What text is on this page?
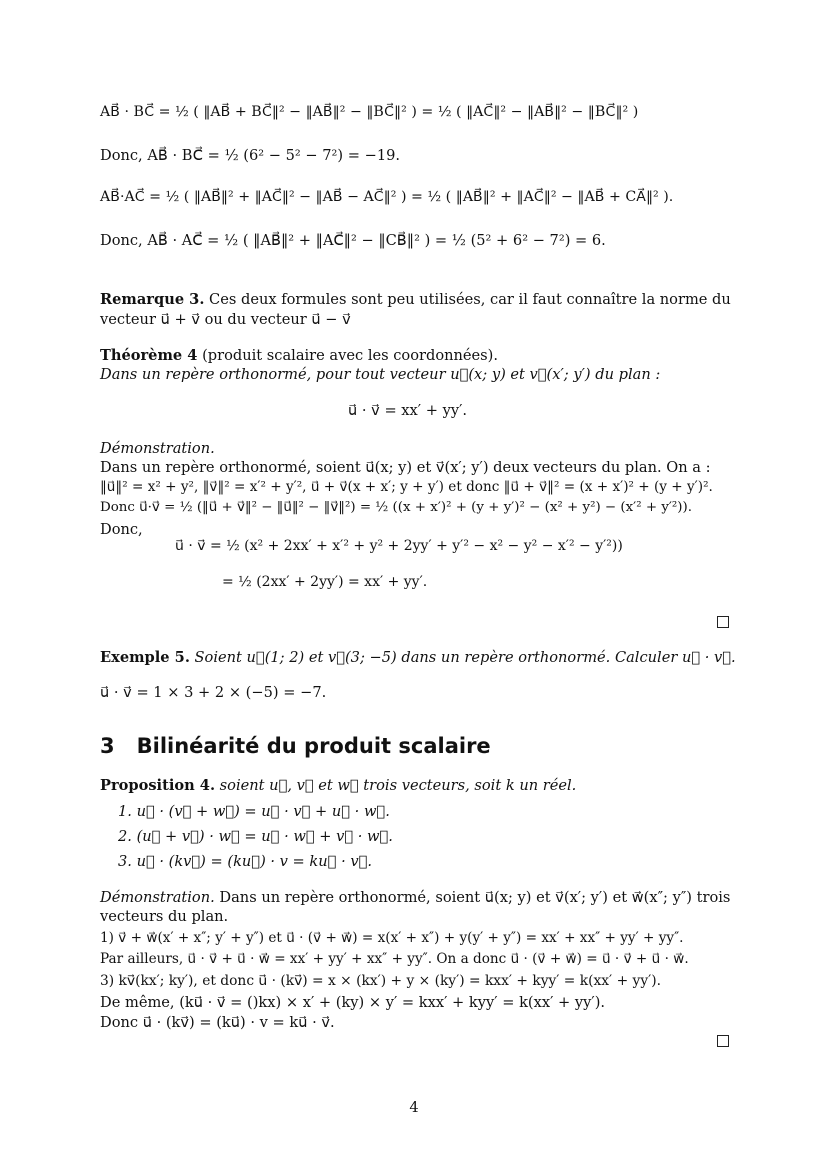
AB⃗ · BC⃗ = ½ ( ‖AB⃗ + BC⃗‖² − ‖AB⃗‖² − ‖BC⃗‖² ) = ½ ( ‖AC⃗‖² − ‖AB⃗‖² − ‖BC⃗‖² )
Donc, AB⃗ · BC⃗ = ½ (6² − 5² − 7²) = −19.
AB⃗·AC⃗ = ½ ( ‖AB⃗‖² + ‖AC⃗‖² − ‖AB⃗ − AC⃗‖² ) = ½ ( ‖AB⃗‖² + ‖AC⃗‖² − ‖AB⃗ + CA⃗‖² ).
Donc, AB⃗ · AC⃗ = ½ ( ‖AB⃗‖² + ‖AC⃗‖² − ‖CB⃗‖² ) = ½ (5² + 6² − 7²) = 6.
Remarque 3. Ces deux formules sont peu utilisées, car il faut connaître la norme du
vecteur u⃗ + v⃗ ou du vecteur u⃗ − v⃗
Théorème 4 (produit scalaire avec les coordonnées).
Dans un repère orthonormé, pour tout vecteur u⃗(x; y) et v⃗(x′; y′) du plan :
u⃗ · v⃗ = xx′ + yy′.
Démonstration.
Dans un repère orthonormé, soient u⃗(x; y) et v⃗(x′; y′) deux vecteurs du plan. On a :
‖u⃗‖² = x² + y², ‖v⃗‖² = x′² + y′², u⃗ + v⃗(x + x′; y + y′) et donc ‖u⃗ + v⃗‖² = (x + x′)² + (y + y′)².
Donc u⃗·v⃗ = ½ (‖u⃗ + v⃗‖² − ‖u⃗‖² − ‖v⃗‖²) = ½ ((x + x′)² + (y + y′)² − (x² + y²) − (x′² + y′²)).
Donc,
u⃗ · v⃗ = ½ (x² + 2xx′ + x′² + y² + 2yy′ + y′² − x² − y² − x′² − y′²))
= ½ (2xx′ + 2yy′) = xx′ + yy′.
Exemple 5. Soient u⃗(1; 2) et v⃗(3; −5) dans un repère orthonormé. Calculer u⃗ · v⃗.
u⃗ · v⃗ = 1 × 3 + 2 × (−5) = −7.
3 Bilinéarité du produit scalaire
Proposition 4. soient u⃗, v⃗ et w⃗ trois vecteurs, soit k un réel.
1. u⃗ · (v⃗ + w⃗) = u⃗ · v⃗ + u⃗ · w⃗.
2. (u⃗ + v⃗) · w⃗ = u⃗ · w⃗ + v⃗ · w⃗.
3. u⃗ · (kv⃗) = (ku⃗) · v = ku⃗ · v⃗.
Démonstration. Dans un repère orthonormé, soient u⃗(x; y) et v⃗(x′; y′) et w⃗(x″; y″) trois
vecteurs du plan.
1) v⃗ + w⃗(x′ + x″; y′ + y″) et u⃗ · (v⃗ + w⃗) = x(x′ + x″) + y(y′ + y″) = xx′ + xx″ + yy′ + yy″.
Par ailleurs, u⃗ · v⃗ + u⃗ · w⃗ = xx′ + yy′ + xx″ + yy″. On a donc u⃗ · (v⃗ + w⃗) = u⃗ · v⃗ + u⃗ · w⃗.
3) kv⃗(kx′; ky′), et donc u⃗ · (kv⃗) = x × (kx′) + y × (ky′) = kxx′ + kyy′ = k(xx′ + yy′).
De même, (ku⃗ · v⃗ = ()kx) × x′ + (ky) × y′ = kxx′ + kyy′ = k(xx′ + yy′).
Donc u⃗ · (kv⃗) = (ku⃗) · v = ku⃗ · v⃗.
4
